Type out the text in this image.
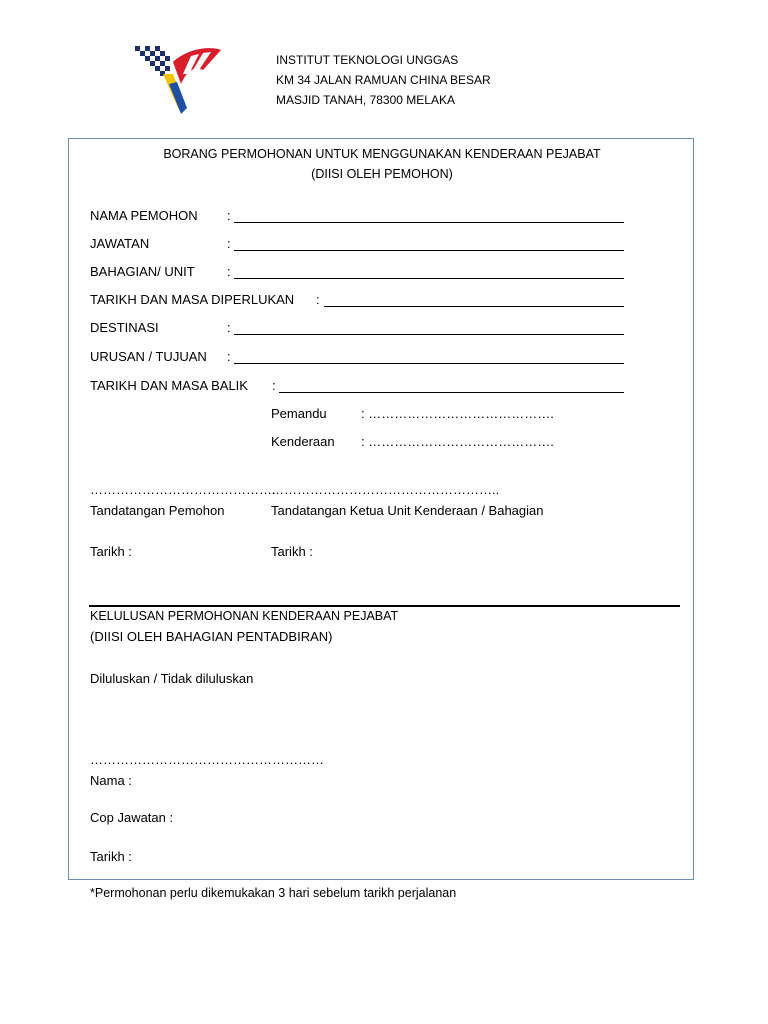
INSTITUT TEKNOLOGI UNGGAS
KM 34 JALAN RAMUAN CHINA BESAR
MASJID TANAH, 78300 MELAKA
BORANG PERMOHONAN UNTUK MENGGUNAKAN KENDERAAN PEJABAT
(DIISI OLEH PEMOHON)
NAMA PEMOHON :
JAWATAN	:
BAHAGIAN/ UNIT :
TARIKH DAN MASA DIPERLUKAN :
DESTINASI	:
URUSAN / TUJUAN :
TARIKH DAN MASA BALIK :
Pemandu	: …………………………………….
Kenderaan : …………………………………….
…………………………………….
……………………………………………..
Tandatangan Pemohon	Tandatangan Ketua Unit Kenderaan / Bahagian
Tarikh :	Tarikh :
KELULUSAN PERMOHONAN KENDERAAN PEJABAT
(DIISI OLEH BAHAGIAN PENTADBIRAN)
Diluluskan / Tidak diluluskan
………………………………………………
Nama :
Cop Jawatan :
Tarikh :
*Permohonan perlu dikemukakan 3 hari sebelum tarikh perjalanan
